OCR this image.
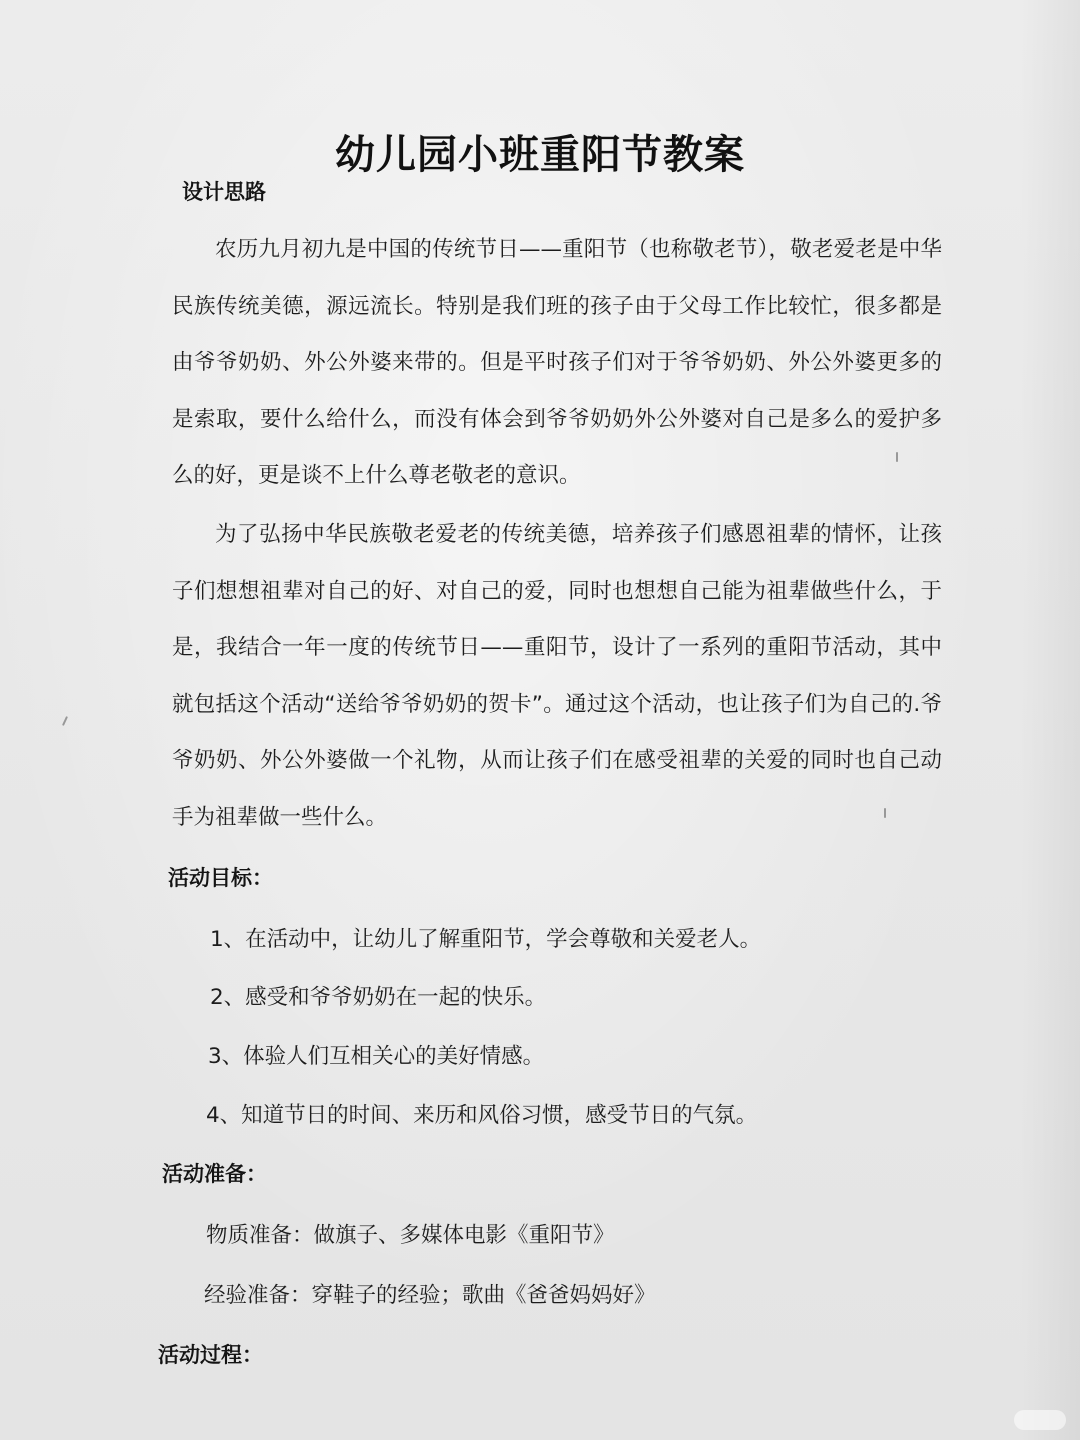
幼儿园小班重阳节教案
设计思路

农历九月初九是中国的传统节日——重阳节（也称敬老节），敬老爱老是中华民族传统美德，源远流长。特别是我们班的孩子由于父母工作比较忙，很多都是由爷爷奶奶、外公外婆来带的。但是平时孩子们对于爷爷奶奶、外公外婆更多的是索取，要什么给什么，而没有体会到爷爷奶奶外公外婆对自己是多么的爱护多么的好，更是谈不上什么尊老敬老的意识。

为了弘扬中华民族敬老爱老的传统美德，培养孩子们感恩祖辈的情怀，让孩子们想想祖辈对自己的好、对自己的爱，同时也想想自己能为祖辈做些什么，于是，我结合一年一度的传统节日——重阳节，设计了一系列的重阳节活动，其中就包括这个活动“送给爷爷奶奶的贺卡”。通过这个活动，也让孩子们为自己的.爷爷奶奶、外公外婆做一个礼物，从而让孩子们在感受祖辈的关爱的同时也自己动手为祖辈做一些什么。

活动目标：

1、在活动中，让幼儿了解重阳节，学会尊敬和关爱老人。

2、感受和爷爷奶奶在一起的快乐。

3、体验人们互相关心的美好情感。

4、知道节日的时间、来历和风俗习惯，感受节日的气氛。

活动准备：

物质准备：做旗子、多媒体电影《重阳节》

经验准备：穿鞋子的经验；歌曲《爸爸妈妈好》

活动过程：
